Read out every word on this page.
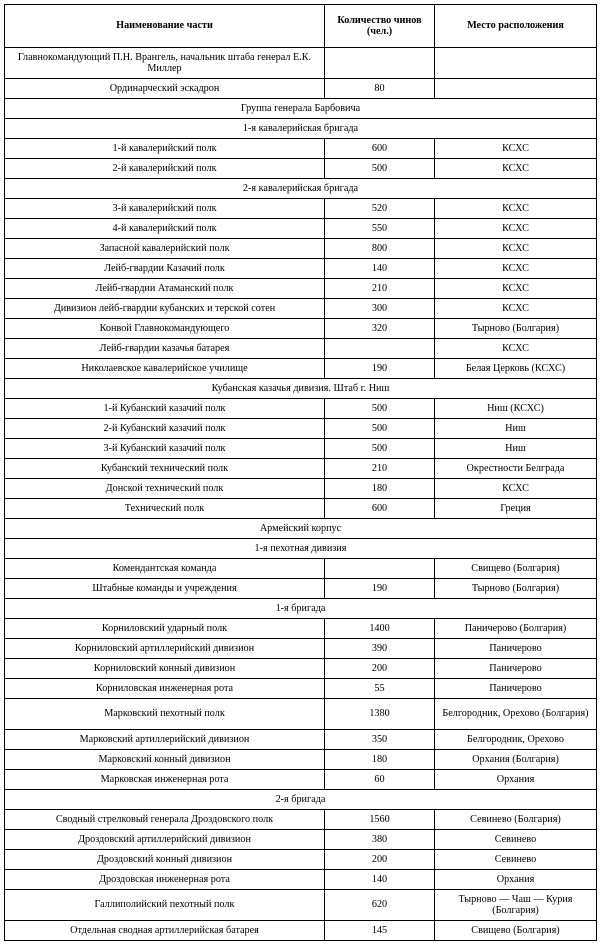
Наименование части	Количество чинов (чел.)	Место расположения
Главнокомандующий П.Н. Врангель, начальник штаба генерал Е.К. Миллер		
Ординарческий эскадрон	80	
Группа генерала Барбовича		
1-я кавалерийская бригада		
1-й кавалерийский полк	600	КСХС
2-й кавалерийский полк	500	КСХС
2-я кавалерийская бригада		
3-й кавалерийский полк	520	КСХС
4-й кавалерийский полк	550	КСХС
Запасной кавалерийский полк	800	КСХС
Лейб-гвардии Казачий полк	140	КСХС
Лейб-гвардии Атаманский полк	210	КСХС
Дивизион лейб-гвардии кубанских и терской сотен	300	КСХС
Конвой Главнокомандующего	320	Тырново (Болгария)
Лейб-гвардии казачья батарея		КСХС
Николаевское кавалерийское училище	190	Белая Церковь (КСХС)
Кубанская казачья дивизия. Штаб г. Ниш		
1-й Кубанский казачий полк	500	Ниш (КСХС)
2-й Кубанский казачий полк	500	Ниш
3-й Кубанский казачий полк	500	Ниш
Кубанский технический полк	210	Окрестности Белграда
Донской технический полк	180	КСХС
Технический полк	600	Греция
Армейский корпус		
1-я пехотная дивизия		
Комендантская команда		Свищево (Болгария)
Штабные команды и учреждения	190	Тырново (Болгария)
1-я бригада		
Корниловский ударный полк	1400	Паничерово (Болгария)
Корниловский артиллерийский дивизион	390	Паничерово
Корниловский конный дивизион	200	Паничерово
Корниловская инженерная рота	55	Паничерово
Марковский пехотный полк	1380	Белгородник, Орехово (Болгария)
Марковский артиллерийский дивизион	350	Белгородник, Орехово
Марковский конный дивизион	180	Орхания (Болгария)
Марковская инженерная рота	60	Орхания
2-я бригада		
Сводный стрелковый генерала Дроздовского полк	1560	Севинево (Болгария)
Дроздовский артиллерийский дивизион	380	Севинево
Дроздовский конный дивизион	200	Севинево
Дроздовская инженерная рота	140	Орхания
Галлиполийский пехотный полк	620	Тырново — Чаш — Курия (Болгария)
Отдельная сводная артиллерийская батарея	145	Свищево (Болгария)
